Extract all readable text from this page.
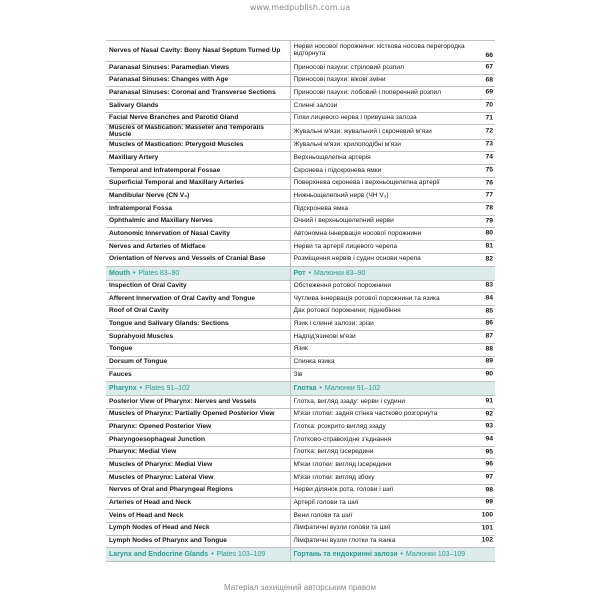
www.medpublish.com.ua
Nerves of Nasal Cavity: Bony Nasal Septum Turned Up	Нерви носової порожнини: кісткова носова перегородка відгорнута 66

Paranasal Sinuses: Paramedian Views	Приносові пазухи: стріловий розпил 67

Paranasal Sinuses: Changes with Age	Приносові пазухи: вікові зміни 68

Paranasal Sinuses: Coronal and Transverse Sections	Приносові пазухи: лобовий і поперечний розпил 69

Salivary Glands	Слинні залози 70

Facial Nerve Branches and Parotid Gland	Гілки лицевого нерва і привушна залоза 71

Muscles of Mastication: Masseter and Temporalis Muscle	Жувальні м'язи: жувальний і скроневий м'язи 72

Muscles of Mastication: Pterygoid Muscles	Жувальні м'язи: крилоподібні м'язи 73

Maxillary Artery	Верхньощелепна артерія 74

Temporal and Infratemporal Fossae	Скронева і підскронева ямки 75

Superficial Temporal and Maxillary Arteries	Поверхнева скронева і верхньощелепна артерії 76

Mandibular Nerve (CN V₃)	Нижньощелепний нерв (ЧН V₃) 77

Infratemporal Fossa	Підскронева ямка 78

Ophthalmic and Maxillary Nerves	Очний і верхньощелепний нерви 79

Autonomic Innervation of Nasal Cavity	Автономна іннервація носової порожнини 80

Nerves and Arteries of Midface	Нерви та артерії лицевого черепа 81

Orientation of Nerves and Vessels of Cranial Base	Розміщення нервів і судин основи черепа 82

Mouth • Plates 83–90	Рот • Малюнки 83–90
Inspection of Oral Cavity	Обстеження ротової порожнини 83

Afferent Innervation of Oral Cavity and Tongue	Чутлива іннервація ротової порожнини та язика 84

Roof of Oral Cavity	Дах ротової порожнини; піднебіння 85

Tongue and Salivary Glands: Sections	Язик і слинні залози: зрізи 86

Suprahyoid Muscles	Надпід'язикові м'язи 87

Tongue	Язик 88

Dorsum of Tongue	Спинка язика 89

Fauces	Зів 90

Pharynx • Plates 91–102	Глотка • Малюнки 91–102
Posterior View of Pharynx: Nerves and Vessels	Глотка, вигляд ззаду: нерви і судини 91

Muscles of Pharynx: Partially Opened Posterior View	М'язи глотки: задня стінка частково розгорнута 92

Pharynx: Opened Posterior View	Глотка: розкрито вигляд ззаду 93

Pharyngoesophageal Junction	Глотково-стравохідне з'єднання 94

Pharynx: Medial View	Глотка: вигляд ізсередини 95

Muscles of Pharynx: Medial View	М'язи глотки: вигляд ізсередини 96

Muscles of Pharynx: Lateral View	М'язи глотки: вигляд збоку 97

Nerves of Oral and Pharyngeal Regions	Нерви ділянок рота, голови і шиї 98

Arteries of Head and Neck	Артерії голови та шиї 99

Veins of Head and Neck	Вени голови та шиї 100

Lymph Nodes of Head and Neck	Лімфатичні вузли голови та шиї 101

Lymph Nodes of Pharynx and Tongue	Лімфатичні вузли глотки та язика 102

Larynx and Endocrine Glands • Plates 103–109	Гортань та ендокринні залози • Малюнки 103–109
Матеріал захищений авторським правом
